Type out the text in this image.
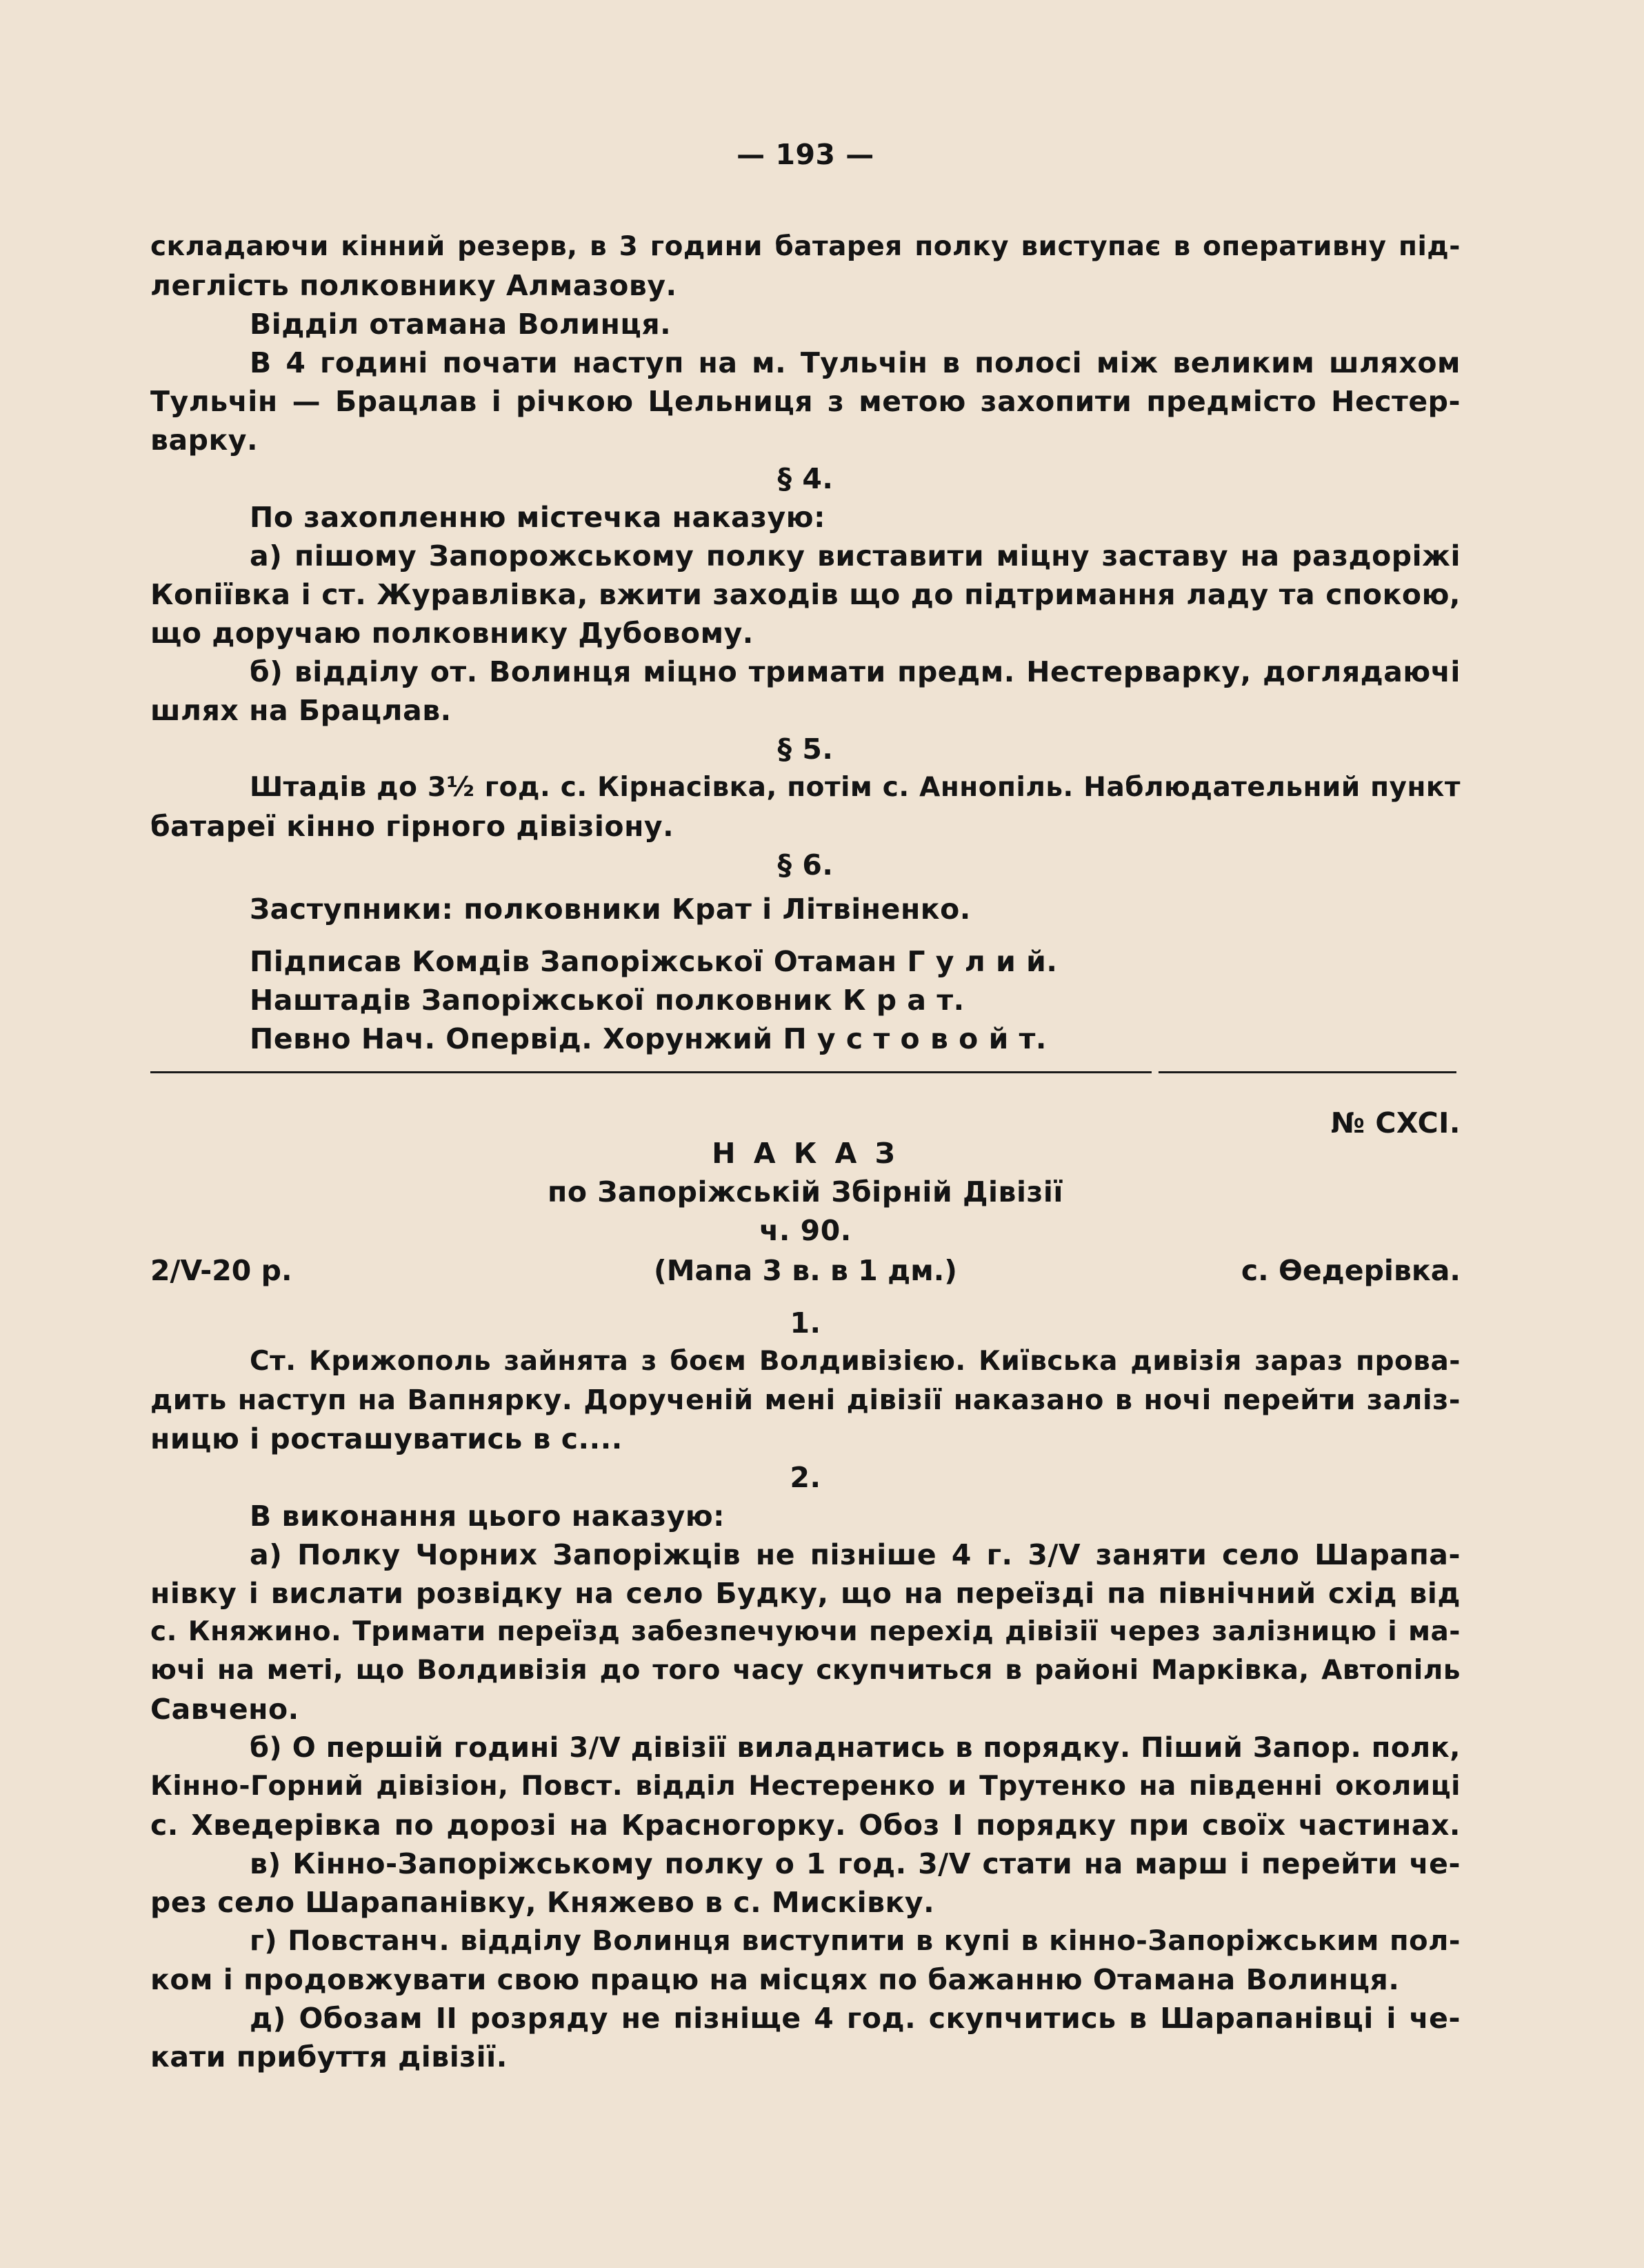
— 193 —
складаючи кінний резерв, в 3 години батарея полку виступає в оперативну під-
леглість полковнику Алмазову.
Відділ отамана Волинця.
В 4 годині почати наступ на м. Тульчін в полосі між великим шляхом
Тульчін — Брацлав і річкою Цельниця з метою захопити предмістo Нестер-
варку.
§ 4.
По захопленню містечка наказую:
а) пішому Запорожському полку виставити міцну заставу на раздоріжі
Копіївка і ст. Журавлівка, вжити заходів що до підтримання ладу та спокою,
що доручаю полковнику Дубовому.
б) відділу от. Волинця міцно тримати предм. Нестерварку, доглядаючі
шлях на Брацлав.
§ 5.
Штадів до 3½ год. с. Кірнасівка, потім с. Аннопіль. Наблюдательний пункт
батареї кінно гірного дівізіону.
§ 6.
Заступники: полковники Крат і Літвіненко.
Підписав Комдів Запоріжської Отаман Г у л и й.
Наштадів Запоріжської полковник К р а т.
Певно Нач. Опервід. Хорунжий П у с т о в о й т.
№ CXCI.
Н А К А З
по Запоріжській Збірній Дівізії
ч. 90.
2/V-20 р.	(Мапа 3 в. в 1 дм.)	с. Өедерівка.
1.
Ст. Крижополь зайнята з боєм Волдивізією. Київська дивізія зараз прова-
дить наступ на Вапнярку. Дорученій мені дівізії наказано в ночі перейти заліз-
ницю і росташуватись в с....
2.
В виконання цього наказую:
а) Полку Чорних Запоріжців не пізніше 4 г. 3/V заняти село Шарапа-
нівку і вислати розвідку на село Будку, що на переїзді па північний схід від
с. Княжино. Тримати переїзд забезпечуючи перехід дівізії через залізницю і ма-
ючі на меті, що Волдивізія до того часу скупчиться в районі Марківка, Автопіль
Савчено.
б) О першій годині 3/V дівізії виладнатись в порядку. Піший Запор. полк,
Кінно-Горний дівізіон, Повст. відділ Нестеренко и Трутенко на південні околиці
с. Хведерівка по дорозі на Красногорку. Обоз I порядку при своїх частинах.
в) Кінно-Запоріжському полку о 1 год. 3/V стати на марш і перейти че-
рез село Шарапанівку, Княжево в с. Мисківку.
г) Повстанч. відділу Волинця виступити в купі в кінно-Запоріжським пол-
ком і продовжувати свою працю на місцях по бажанню Отамана Волинця.
д) Обозам II розряду не пізніще 4 год. скупчитись в Шарапанівці і че-
кати прибуття дівізії.
